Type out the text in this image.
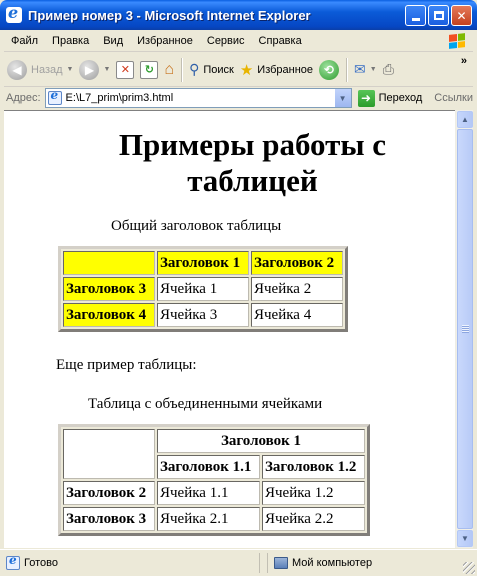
e
Пример номер 3 - Microsoft Internet Explorer	✕
Файл	Правка	Вид	Избранное	Сервис	Справка
◀ Назад ▼ ▶	▼ ✕	↻ ⌂ ⚲ Поиск ★ Избранное ⟲	✉ ▼ ⎙	»
Адрес: e E:\L7_prim\prim3.html	▼	➜ Переход Ссылки
Примеры работы с таблицей
Общий заголовок таблицы
	Заголовок 1	Заголовок 2
Заголовок 3	Ячейка 1	Ячейка 2
Заголовок 4	Ячейка 3	Ячейка 4
Еще пример таблицы:
Таблица с объединенными ячейками
	Заголовок 1	
	Заголовок 1.1	Заголовок 1.2
Заголовок 2	Ячейка 1.1	Ячейка 1.2
Заголовок 3	Ячейка 2.1	Ячейка 2.2
▲
▼
e
Готово	Мой компьютер
